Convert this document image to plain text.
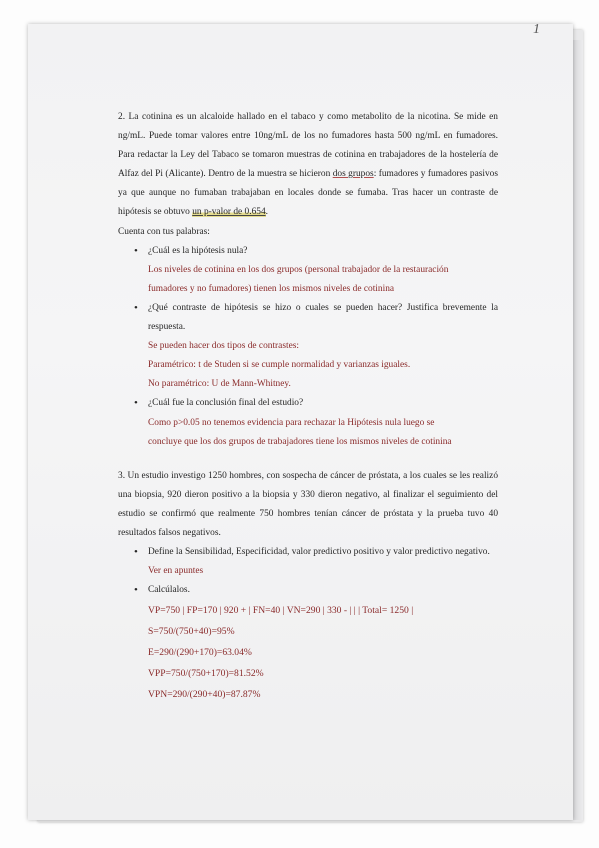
1

2. La cotinina es un alcaloide hallado en el tabaco y como metabolito de la nicotina. Se mide en ng/mL. Puede tomar valores entre 10ng/mL de los no fumadores hasta 500 ng/mL en fumadores. Para redactar la Ley del Tabaco se tomaron muestras de cotinina en trabajadores de la hostelería de Alfaz del Pi (Alicante). Dentro de la muestra se hicieron dos grupos: fumadores y fumadores pasivos ya que aunque no fumaban trabajaban en locales donde se fumaba. Tras hacer un contraste de hipótesis se obtuvo un p-valor de 0.654.

Cuenta con tus palabras:
• ¿Cuál es la hipótesis nula?
Los niveles de cotinina en los dos grupos (personal trabajador de la restauración
fumadores y no fumadores) tienen los mismos niveles de cotinina
• ¿Qué contraste de hipótesis se hizo o cuales se pueden hacer? Justifica brevemente la respuesta.
Se pueden hacer dos tipos de contrastes:
Paramétrico: t de Studen si se cumple normalidad y varianzas iguales.
No paramétrico: U de Mann-Whitney.
• ¿Cuál fue la conclusión final del estudio?
Como p>0.05 no tenemos evidencia para rechazar la Hipótesis nula luego se
concluye que los dos grupos de trabajadores tiene los mismos niveles de cotinina

3. Un estudio investigo 1250 hombres, con sospecha de cáncer de próstata, a los cuales se les realizó una biopsia, 920 dieron positivo a la biopsia y 330 dieron negativo, al finalizar el seguimiento del estudio se confirmó que realmente 750 hombres tenían cáncer de próstata y la prueba tuvo 40 resultados falsos negativos.

• Define la Sensibilidad, Especificidad, valor predictivo positivo y valor predictivo negativo.
Ver en apuntes
• Calcúlalos.
VP=750 | FP=170 | 920 + | FN=40 | VN=290 | 330 - | | | Total= 1250 |
S=750/(750+40)=95%
E=290/(290+170)=63.04%
VPP=750/(750+170)=81.52%
VPN=290/(290+40)=87.87%
